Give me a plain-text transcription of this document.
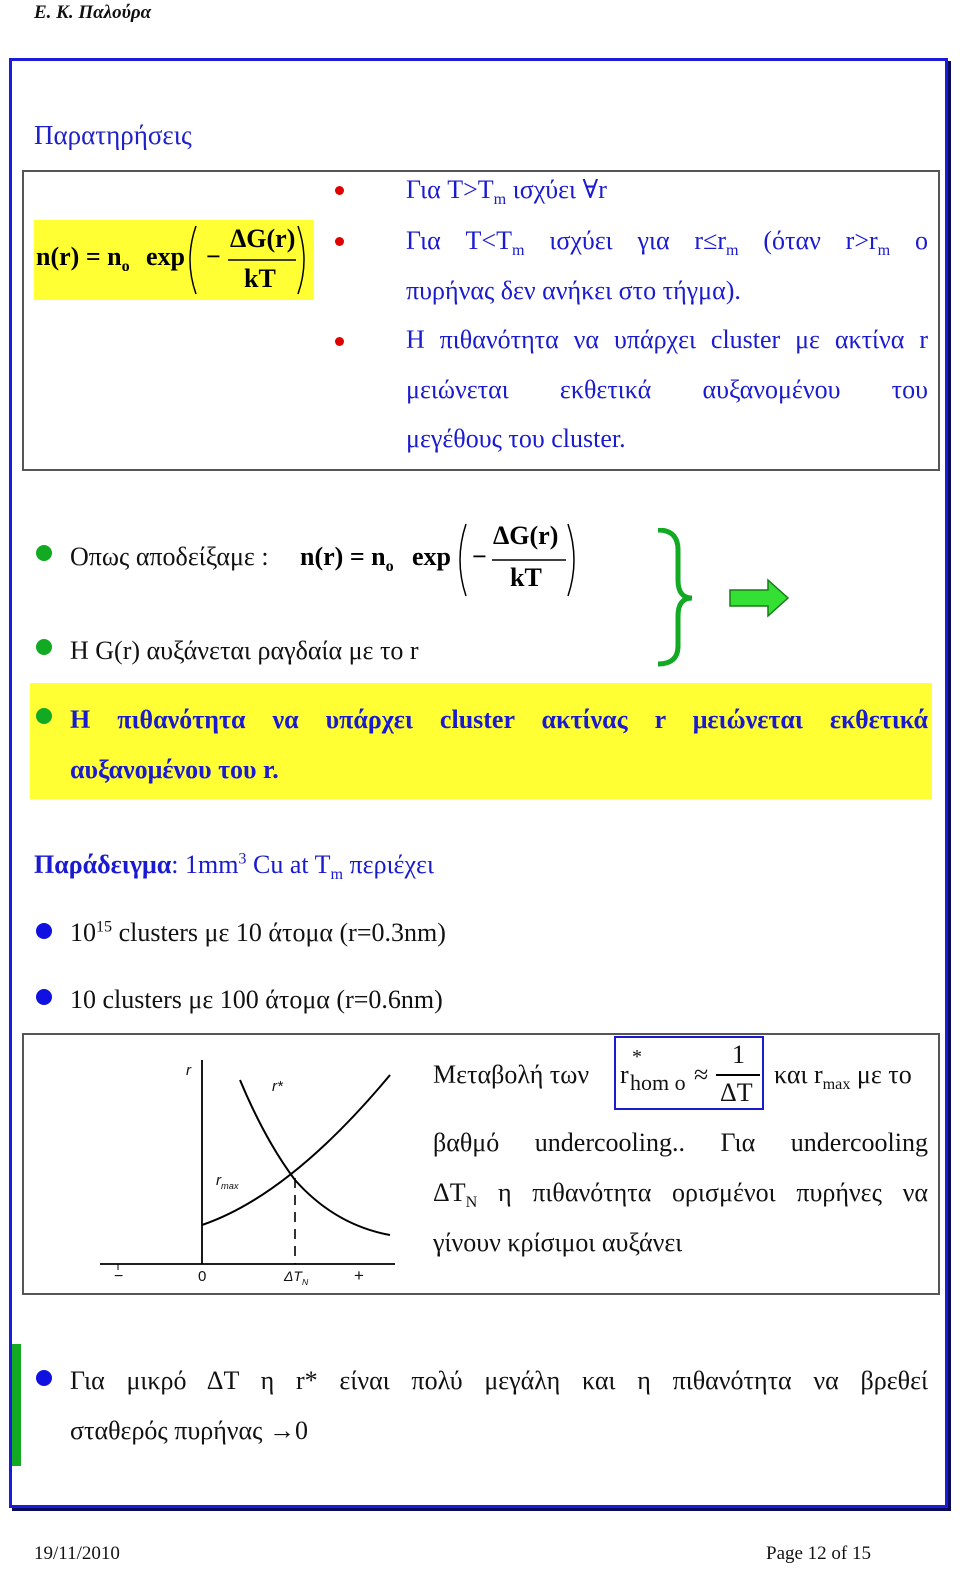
Ε. Κ. Παλούρα
Παρατηρήσεις
$n(r) = n_o$ exp −
ΔG(r)
kT
Για $T>T_m$ ισχύει ∀r
Για $T<T_m$ ισχύει για $r\le r_m$ (όταν $r>r_m$ ο
πυρήνας δεν ανήκει στο τήγμα).
Η πιθανότητα να υπάρχει cluster με ακτίνα r
μειώνεται εκθετικά αυξανομένου του
μεγέθους του cluster.
Οπως αποδείξαμε : $n(r) = n_o$ exp −
ΔG(r)
kT
Η G(r) αυξάνεται ραγδαία με το r
Η πιθανότητα να υπάρχει cluster ακτίνας r μειώνεται εκθετικά
αυξανομένου του r.
Παράδειγμα: $1mm^3$ Cu at $T_m$ περιέχει
$10^{15}$ clusters με 10 άτομα (r=0.3nm)
10 clusters με 100 άτομα (r=0.6nm)
r
r*
$r_{max}$
−	0	$\Delta T_N$	+
Μεταβολή των r
*
hom o ≈
1
ΔT
και $r_{max}$ με το
βαθμό undercooling.. Για undercooling
$\Delta T_N$ η πιθανότητα ορισμένοι πυρήνες να
γίνουν κρίσιμοι αυξάνει
Για μικρό ΔT η r* είναι πολύ μεγάλη και η πιθανότητα να βρεθεί
σταθερός πυρήνας →0
19/11/2010	Page 12 of 15
